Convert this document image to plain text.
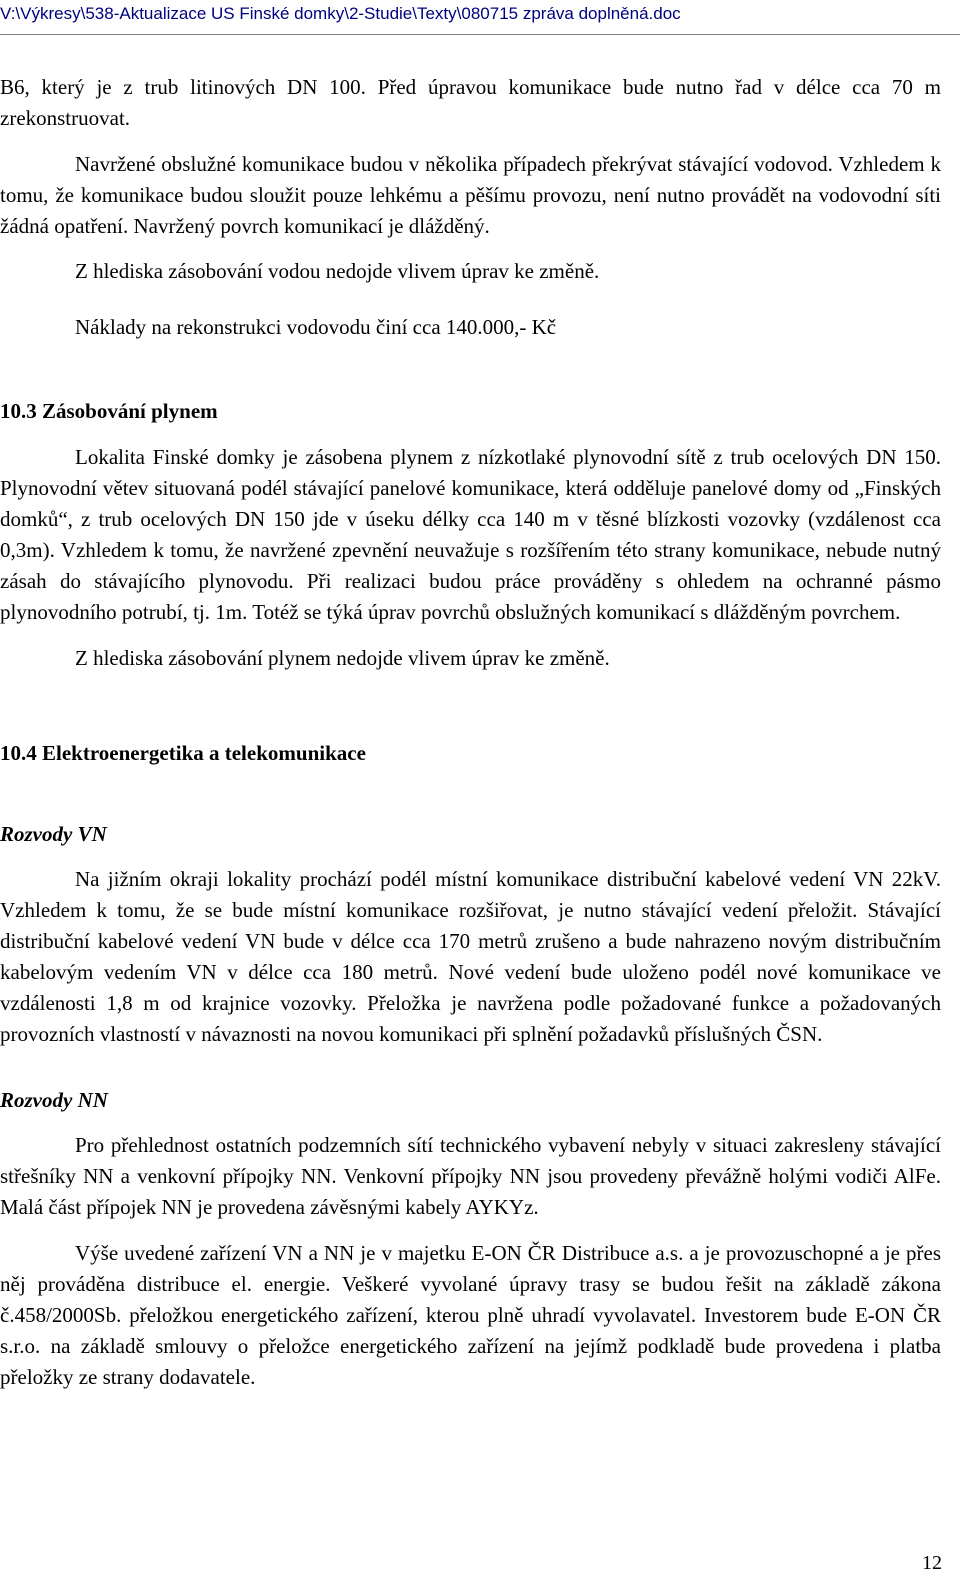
V:\Výkresy\538-Aktualizace US Finské domky\2-Studie\Texty\080715 zpráva doplněná.doc

B6, který je z trub litinových DN 100. Před úpravou komunikace bude nutno řad v délce cca 70 m zrekonstruovat.

Navržené obslužné komunikace budou v několika případech překrývat stávající vodovod. Vzhledem k tomu, že komunikace budou sloužit pouze lehkému a pěšímu provozu, není nutno provádět na vodovodní síti žádná opatření. Navržený povrch komunikací je dlážděný.

Z hlediska zásobování vodou nedojde vlivem úprav ke změně.

Náklady na rekonstrukci vodovodu činí cca 140.000,- Kč

10.3 Zásobování plynem

Lokalita Finské domky je zásobena plynem z nízkotlaké plynovodní sítě z trub ocelových DN 150. Plynovodní větev situovaná podél stávající panelové komunikace, která odděluje panelové domy od „Finských domků“, z trub ocelových DN 150 jde v úseku délky cca 140 m v těsné blízkosti vozovky (vzdálenost cca 0,3m). Vzhledem k tomu, že navržené zpevnění neuvažuje s rozšířením této strany komunikace, nebude nutný zásah do stávajícího plynovodu. Při realizaci budou práce prováděny s ohledem na ochranné pásmo plynovodního potrubí, tj. 1m. Totéž se týká úprav povrchů obslužných komunikací s dlážděným povrchem.

Z hlediska zásobování plynem nedojde vlivem úprav ke změně.

10.4 Elektroenergetika a telekomunikace

Rozvody VN

Na jižním okraji lokality prochází podél místní komunikace distribuční kabelové vedení VN 22kV. Vzhledem k tomu, že se bude místní komunikace rozšiřovat, je nutno stávající vedení přeložit. Stávající distribuční kabelové vedení VN bude v délce cca 170 metrů zrušeno a bude nahrazeno novým distribučním kabelovým vedením VN v délce cca 180 metrů. Nové vedení bude uloženo podél nové komunikace ve vzdálenosti 1,8 m od krajnice vozovky. Přeložka je navržena podle požadované funkce a požadovaných provozních vlastností v návaznosti na novou komunikaci při splnění požadavků příslušných ČSN.

Rozvody NN

Pro přehlednost ostatních podzemních sítí technického vybavení nebyly v situaci zakresleny stávající střešníky NN a venkovní přípojky NN. Venkovní přípojky NN jsou provedeny převážně holými vodiči AlFe. Malá část přípojek NN je provedena závěsnými kabely AYKYz.

Výše uvedené zařízení VN a NN je v majetku E-ON ČR Distribuce a.s. a je provozuschopné a je přes něj prováděna distribuce el. energie. Veškeré vyvolané úpravy trasy se budou řešit na základě zákona č.458/2000Sb. přeložkou energetického zařízení, kterou plně uhradí vyvolavatel. Investorem bude E-ON ČR s.r.o. na základě smlouvy o přeložce energetického zařízení na jejímž podkladě bude provedena i platba přeložky ze strany dodavatele.

12
